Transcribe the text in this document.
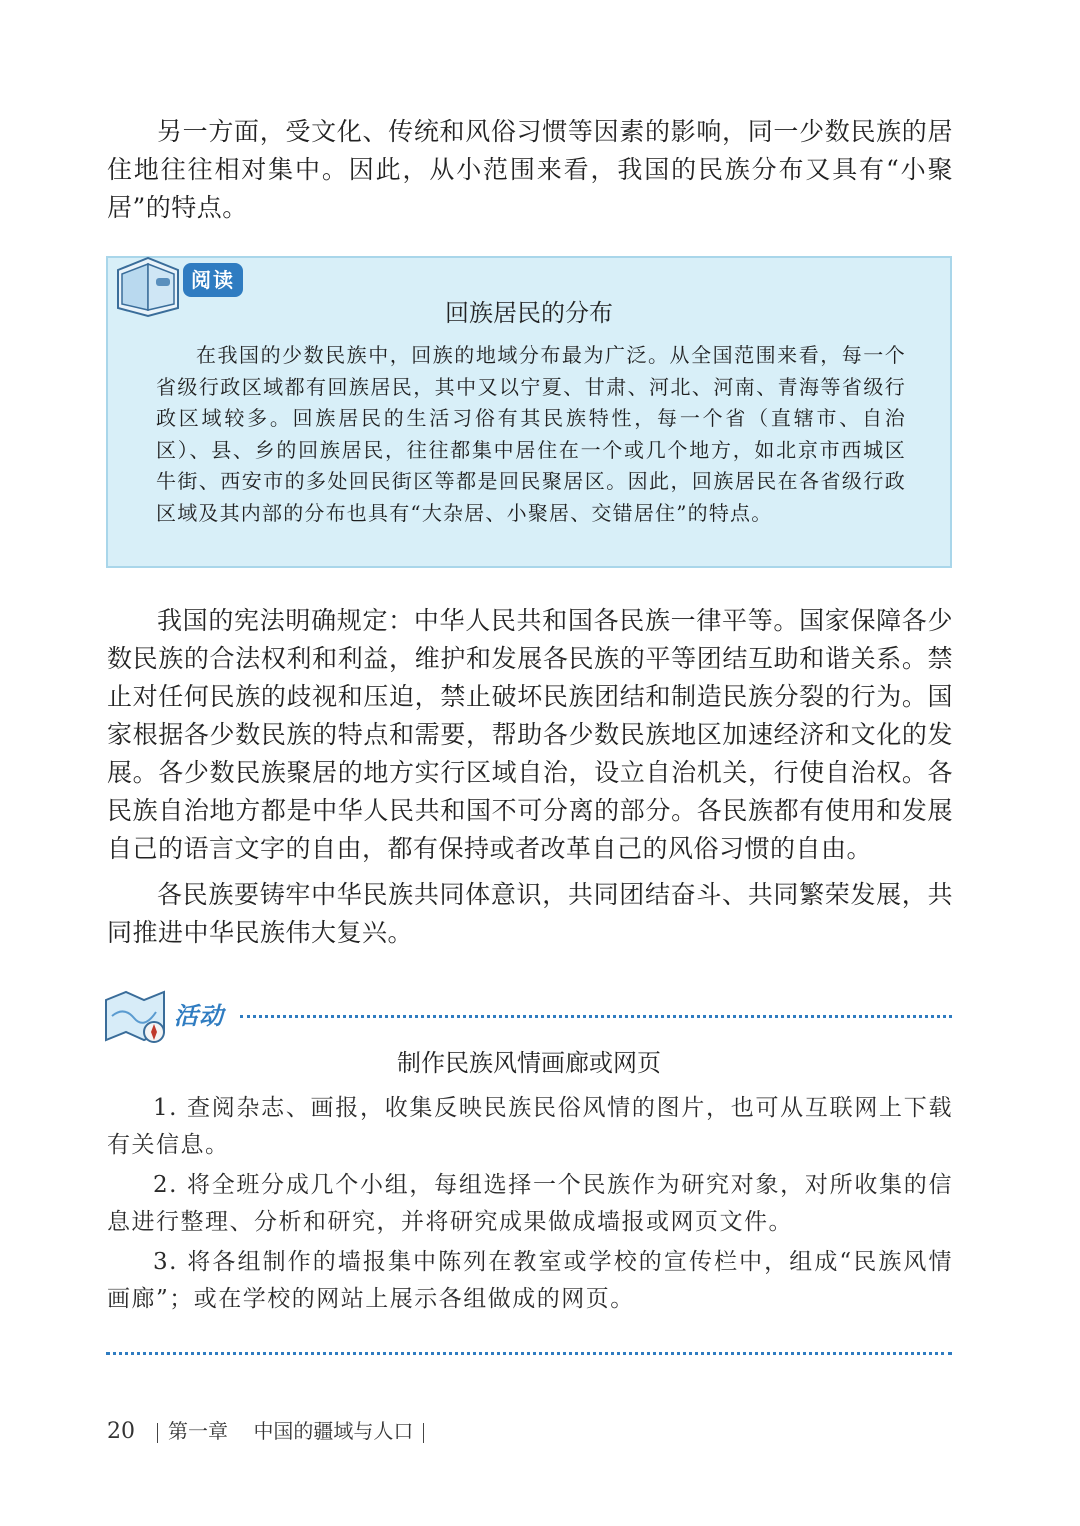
另一方面，受文化、传统和风俗习惯等因素的影响，同一少数民族的居住地往往相对集中。因此，从小范围来看，我国的民族分布又具有“小聚居”的特点。

阅读

回族居民的分布

在我国的少数民族中，回族的地域分布最为广泛。从全国范围来看，每一个省级行政区域都有回族居民，其中又以宁夏、甘肃、河北、河南、青海等省级行政区域较多。回族居民的生活习俗有其民族特性，每一个省（直辖市、自治区）、县、乡的回族居民，往往都集中居住在一个或几个地方，如北京市西城区牛街、西安市的多处回民街区等都是回民聚居区。因此，回族居民在各省级行政区域及其内部的分布也具有“大杂居、小聚居、交错居住”的特点。

我国的宪法明确规定：中华人民共和国各民族一律平等。国家保障各少数民族的合法权利和利益，维护和发展各民族的平等团结互助和谐关系。禁止对任何民族的歧视和压迫，禁止破坏民族团结和制造民族分裂的行为。国家根据各少数民族的特点和需要，帮助各少数民族地区加速经济和文化的发展。各少数民族聚居的地方实行区域自治，设立自治机关，行使自治权。各民族自治地方都是中华人民共和国不可分离的部分。各民族都有使用和发展自己的语言文字的自由，都有保持或者改革自己的风俗习惯的自由。

各民族要铸牢中华民族共同体意识，共同团结奋斗、共同繁荣发展，共同推进中华民族伟大复兴。

活动

制作民族风情画廊或网页

1. 查阅杂志、画报，收集反映民族民俗风情的图片，也可从互联网上下载有关信息。

2. 将全班分成几个小组，每组选择一个民族作为研究对象，对所收集的信息进行整理、分析和研究，并将研究成果做成墙报或网页文件。

3. 将各组制作的墙报集中陈列在教室或学校的宣传栏中，组成“民族风情画廊”；或在学校的网站上展示各组做成的网页。

20 第一章 中国的疆域与人口
